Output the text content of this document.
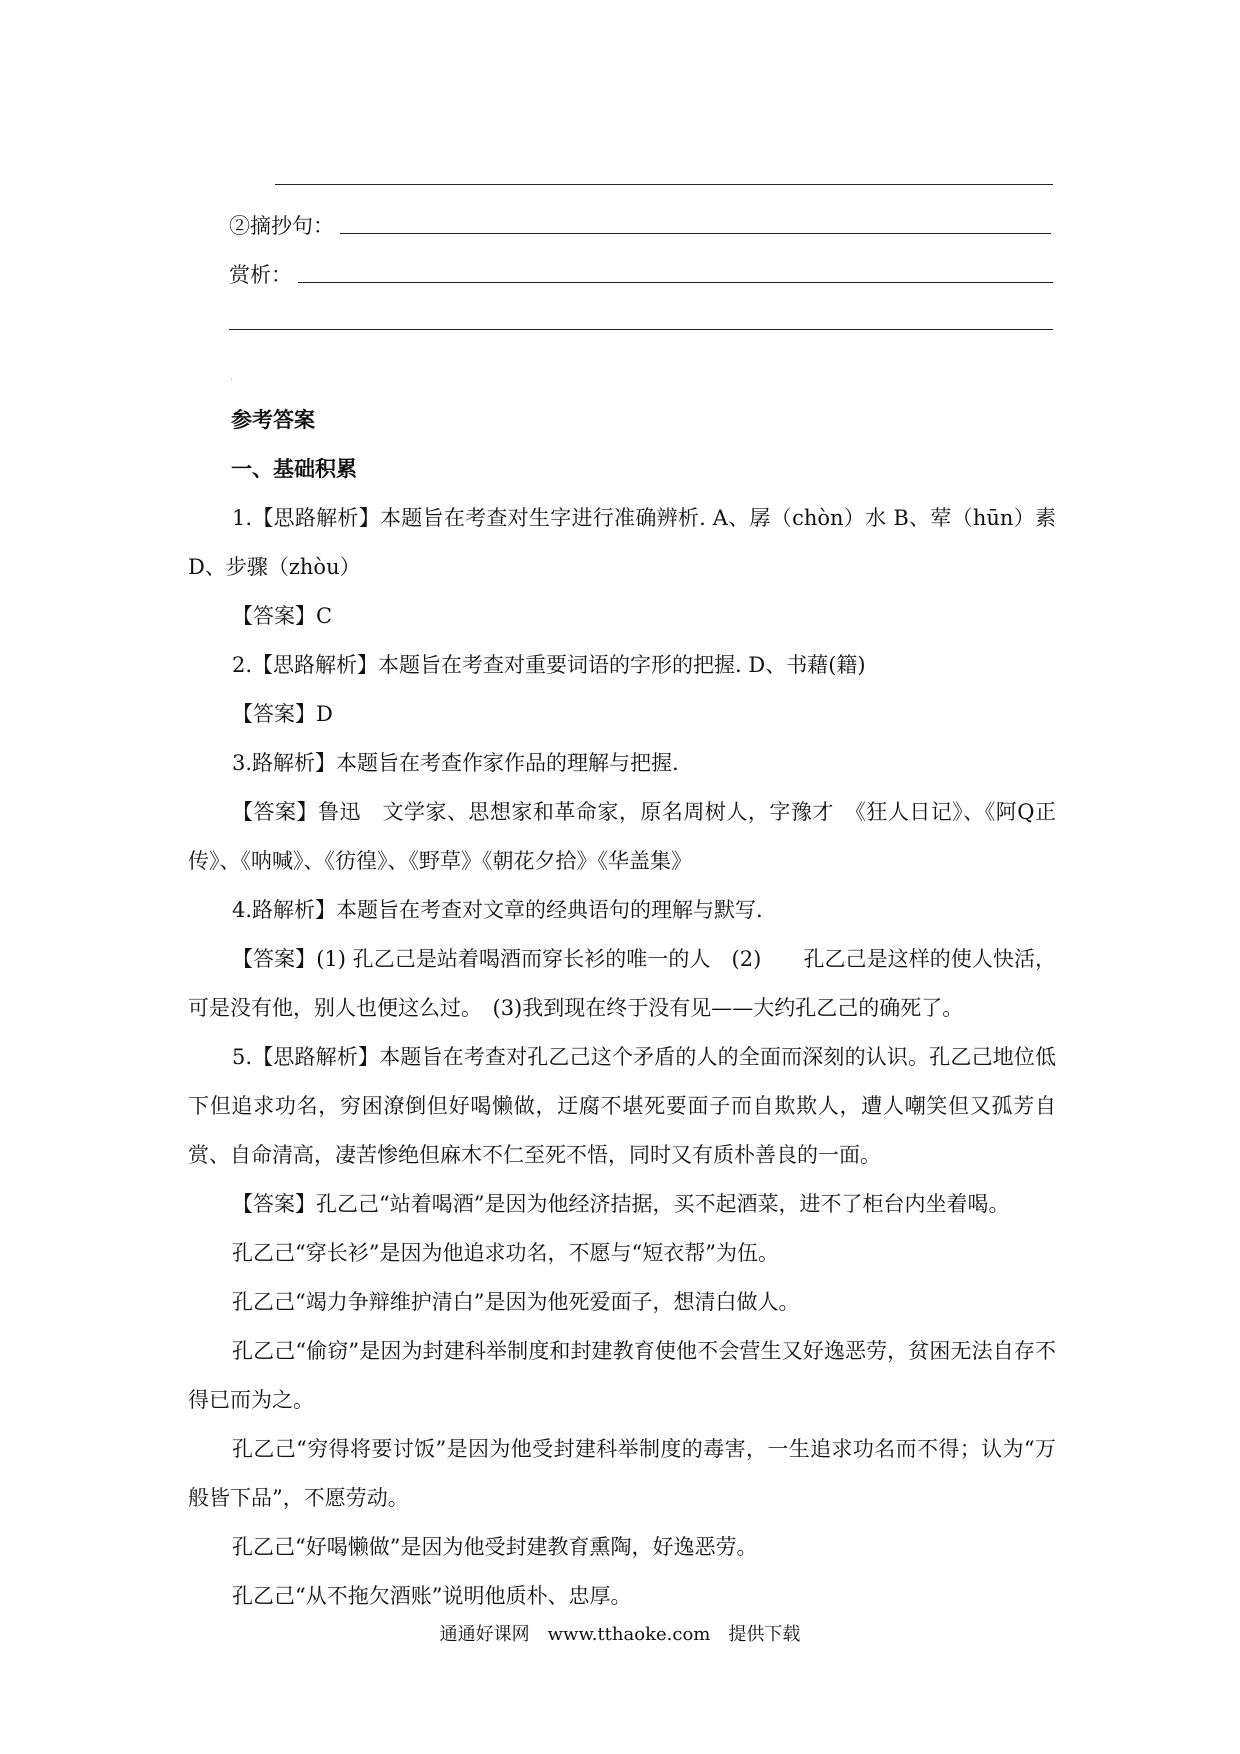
②摘抄句：
赏析：
.
参考答案
一、基础积累

1.【思路解析】本题旨在考查对生字进行准确辨析. A、孱（chòn）水 B、荤（hūn）素 D、步骤（zhòu）

【答案】C

2.【思路解析】本题旨在考查对重要词语的字形的把握. D、书藉(籍)

【答案】D

3.路解析】本题旨在考查作家作品的理解与把握.

【答案】鲁迅　文学家、思想家和革命家，原名周树人，字豫才　《狂人日记》、《阿Q正传》、《呐喊》、《彷徨》、《野草》《朝花夕拾》《华盖集》

4.路解析】本题旨在考查对文章的经典语句的理解与默写.

【答案】(1) 孔乙己是站着喝酒而穿长衫的唯一的人　(2)　　孔乙己是这样的使人快活，可是没有他，别人也便这么过。　(3)我到现在终于没有见——大约孔乙己的确死了。

5.【思路解析】本题旨在考查对孔乙己这个矛盾的人的全面而深刻的认识。孔乙己地位低下但追求功名，穷困潦倒但好喝懒做，迂腐不堪死要面子而自欺欺人，遭人嘲笑但又孤芳自赏、自命清高，凄苦惨绝但麻木不仁至死不悟，同时又有质朴善良的一面。

【答案】孔乙己“站着喝酒”是因为他经济拮据，买不起酒菜，进不了柜台内坐着喝。

孔乙己“穿长衫”是因为他追求功名，不愿与“短衣帮”为伍。

孔乙己“竭力争辩维护清白”是因为他死爱面子，想清白做人。

孔乙己“偷窃”是因为封建科举制度和封建教育使他不会营生又好逸恶劳，贫困无法自存不得已而为之。

孔乙己“穷得将要讨饭”是因为他受封建科举制度的毒害，一生追求功名而不得；认为“万般皆下品”，不愿劳动。

孔乙己“好喝懒做”是因为他受封建教育熏陶，好逸恶劳。

孔乙己“从不拖欠酒账”说明他质朴、忠厚。

通通好课网　www.tthaoke.com　提供下载
